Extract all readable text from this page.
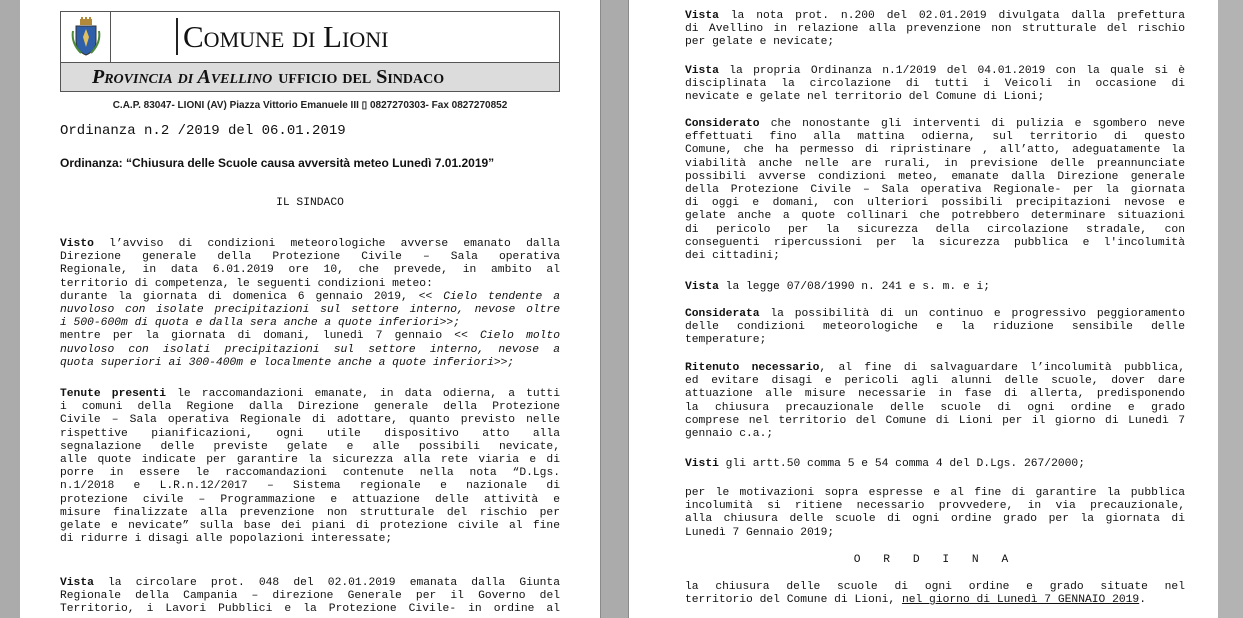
Comune di Lioni
Provincia di Avellino ufficio del Sindaco
C.A.P. 83047- LIONI (AV) Piazza Vittorio Emanuele III ▯ 0827270303- Fax 0827270852
Ordinanza n.2 /2019 del 06.01.2019
Ordinanza: “Chiusura delle Scuole causa avversità meteo Lunedì 7.01.2019”
IL SINDACO
Visto l’avviso di condizioni meteorologiche avverse emanato dalla
Direzione generale della Protezione Civile – Sala operativa
Regionale, in data 6.01.2019 ore 10, che prevede, in ambito al
territorio di competenza, le seguenti condizioni meteo:
durante la giornata di domenica 6 gennaio 2019, << Cielo tendente a
nuvoloso con isolate precipitazioni sul settore interno, nevose oltre
i 500-600m di quota e dalla sera anche a quote inferiori>>;
mentre per la giornata di domani, lunedì 7 gennaio << Cielo molto
nuvoloso con isolati precipitazioni sul settore interno, nevose a
quota superiori ai 300-400m e localmente anche a quote inferiori>>;
Tenute presenti le raccomandazioni emanate, in data odierna, a tutti
i comuni della Regione dalla Direzione generale della Protezione
Civile – Sala operativa Regionale di adottare, quanto previsto nelle
rispettive pianificazioni, ogni utile dispositivo atto alla
segnalazione delle previste gelate e alle possibili nevicate,
alle quote indicate per garantire la sicurezza alla rete viaria e di
porre in essere le raccomandazioni contenute nella nota “D.Lgs.
n.1/2018 e L.R.n.12/2017 – Sistema regionale e nazionale di
protezione civile – Programmazione e attuazione delle attività e
misure finalizzate alla prevenzione non strutturale del rischio per
gelate e nevicate” sulla base dei piani di protezione civile al fine
di ridurre i disagi alle popolazioni interessate;
Vista la circolare prot. 048 del 02.01.2019 emanata dalla Giunta
Regionale della Campania – direzione Generale per il Governo del
Territorio, i Lavori Pubblici e la Protezione Civile- in ordine al
Vista la nota prot. n.200 del 02.01.2019 divulgata dalla prefettura
di Avellino in relazione alla prevenzione non strutturale del rischio
per gelate e nevicate;
Vista la propria Ordinanza n.1/2019 del 04.01.2019 con la quale si è
disciplinata la circolazione di tutti i Veicoli in occasione di
nevicate e gelate nel territorio del Comune di Lioni;
Considerato che nonostante gli interventi di pulizia e sgombero neve
effettuati fino alla mattina odierna, sul territorio di questo
Comune, che ha permesso di ripristinare , all’atto, adeguatamente la
viabilità anche nelle are rurali, in previsione delle preannunciate
possibili avverse condizioni meteo, emanate dalla Direzione generale
della Protezione Civile – Sala operativa Regionale- per la giornata
di oggi e domani, con ulteriori possibili precipitazioni nevose e
gelate anche a quote collinari che potrebbero determinare situazioni
di pericolo per la sicurezza della circolazione stradale, con
conseguenti ripercussioni per la sicurezza pubblica e l'incolumità
dei cittadini;
Vista la legge 07/08/1990 n. 241 e s. m. e i;
Considerata la possibilità di un continuo e progressivo peggioramento
delle condizioni meteorologiche e la riduzione sensibile delle
temperature;
Ritenuto necessario, al fine di salvaguardare l’incolumità pubblica,
ed evitare disagi e pericoli agli alunni delle scuole, dover dare
attuazione alle misure necessarie in fase di allerta, predisponendo
la chiusura precauzionale delle scuole di ogni ordine e grado
comprese nel territorio del Comune di Lioni per il giorno di Lunedì 7
gennaio c.a.;
Visti gli artt.50 comma 5 e 54 comma 4 del D.Lgs. 267/2000;
per le motivazioni sopra espresse e al fine di garantire la pubblica
incolumità si ritiene necessario provvedere, in via precauzionale,
alla chiusura delle scuole di ogni ordine grado per la giornata di
Lunedì 7 Gennaio 2019;
O R D I N A
la chiusura delle scuole di ogni ordine e grado situate nel
territorio del Comune di Lioni, nel giorno di Lunedì 7 GENNAIO 2019.
